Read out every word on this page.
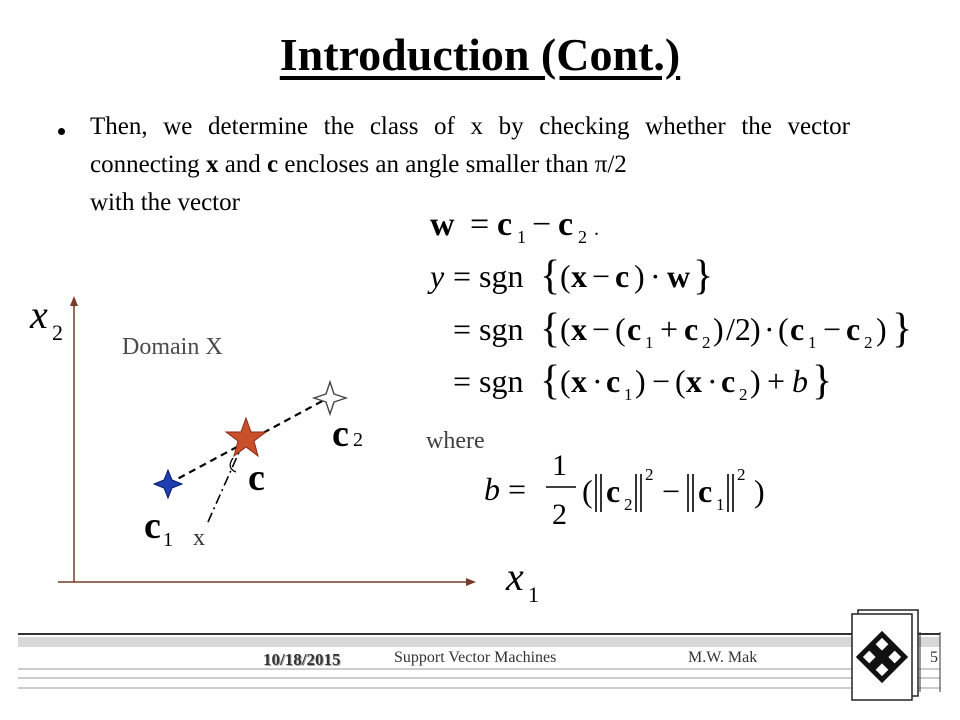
Introduction (Cont.)
Then, we determine the class of x by checking whether the vector connecting x and c encloses an angle smaller than π/2
with the vector
Domain X
where
x
w = c 1 − c 2 .
y = sgn { ( x − c ) · w }
= sgn { ( x − ( c 1 + c 2 ) /2 ) · ( c 1 − c 2 ) }
= sgn { ( x · c 1 ) − ( x · c 2 ) + b }
b =
1
2
( c 2
2 − c 1
2 )
x 2
x 1
c 1
c 2
c
10/18/2015	Support Vector Machines	M.W. Mak	5
